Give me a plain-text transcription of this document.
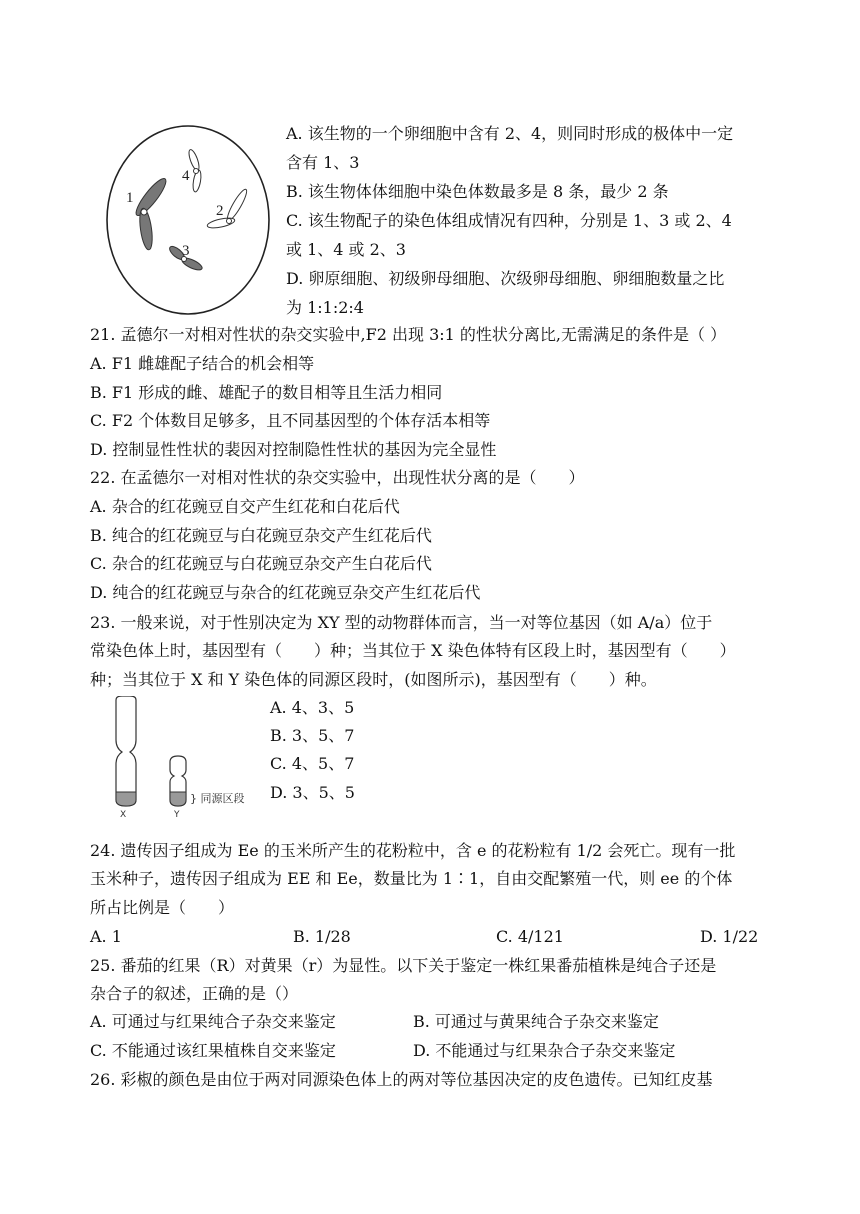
1
2
3
4
A. 该生物的一个卵细胞中含有 2、4，则同时形成的极体中一定
含有 1、3
B. 该生物体体细胞中染色体数最多是 8 条，最少 2 条
C. 该生物配子的染色体组成情况有四种，分别是 1、3 或 2、4
或 1、4 或 2、3
D. 卵原细胞、初级卵母细胞、次级卵母细胞、卵细胞数量之比
为 1:1:2:4
21. 孟德尔一对相对性状的杂交实验中,F2 出现 3:1 的性状分离比,无需满足的条件是（ ）
A. F1 雌雄配子结合的机会相等
B. F1 形成的雌、雄配子的数目相等且生活力相同
C. F2 个体数目足够多，且不同基因型的个体存活本相等
D. 控制显性性状的裴因对控制隐性性状的基因为完全显性
22. 在孟德尔一对相对性状的杂交实验中，出现性状分离的是（　　）
A. 杂合的红花豌豆自交产生红花和白花后代
B. 纯合的红花豌豆与白花豌豆杂交产生红花后代
C. 杂合的红花豌豆与白花豌豆杂交产生白花后代
D. 纯合的红花豌豆与杂合的红花豌豆杂交产生红花后代
23. 一般来说，对于性别决定为 XY 型的动物群体而言，当一对等位基因（如 A/a）位于
常染色体上时，基因型有（　　）种；当其位于 X 染色体特有区段上时，基因型有（　　）
种；当其位于 X 和 Y 染色体的同源区段时，(如图所示)，基因型有（　　）种。
X	Y
} 同源区段
A. 4、3、5
B. 3、5、7
C. 4、5、7
D. 3、5、5
24. 遗传因子组成为 Ee 的玉米所产生的花粉粒中，含 e 的花粉粒有 1/2 会死亡。现有一批
玉米种子，遗传因子组成为 EE 和 Ee，数量比为 1∶1，自由交配繁殖一代，则 ee 的个体
所占比例是（　　）
A. 1	B. 1/28	C. 4/121	D. 1/22
25. 番茄的红果（R）对黄果（r）为显性。以下关于鉴定一株红果番茄植株是纯合子还是
杂合子的叙述，正确的是（）
A. 可通过与红果纯合子杂交来鉴定	B. 可通过与黄果纯合子杂交来鉴定
C. 不能通过该红果植株自交来鉴定	D. 不能通过与红果杂合子杂交来鉴定
26. 彩椒的颜色是由位于两对同源染色体上的两对等位基因决定的皮色遗传。已知红皮基
